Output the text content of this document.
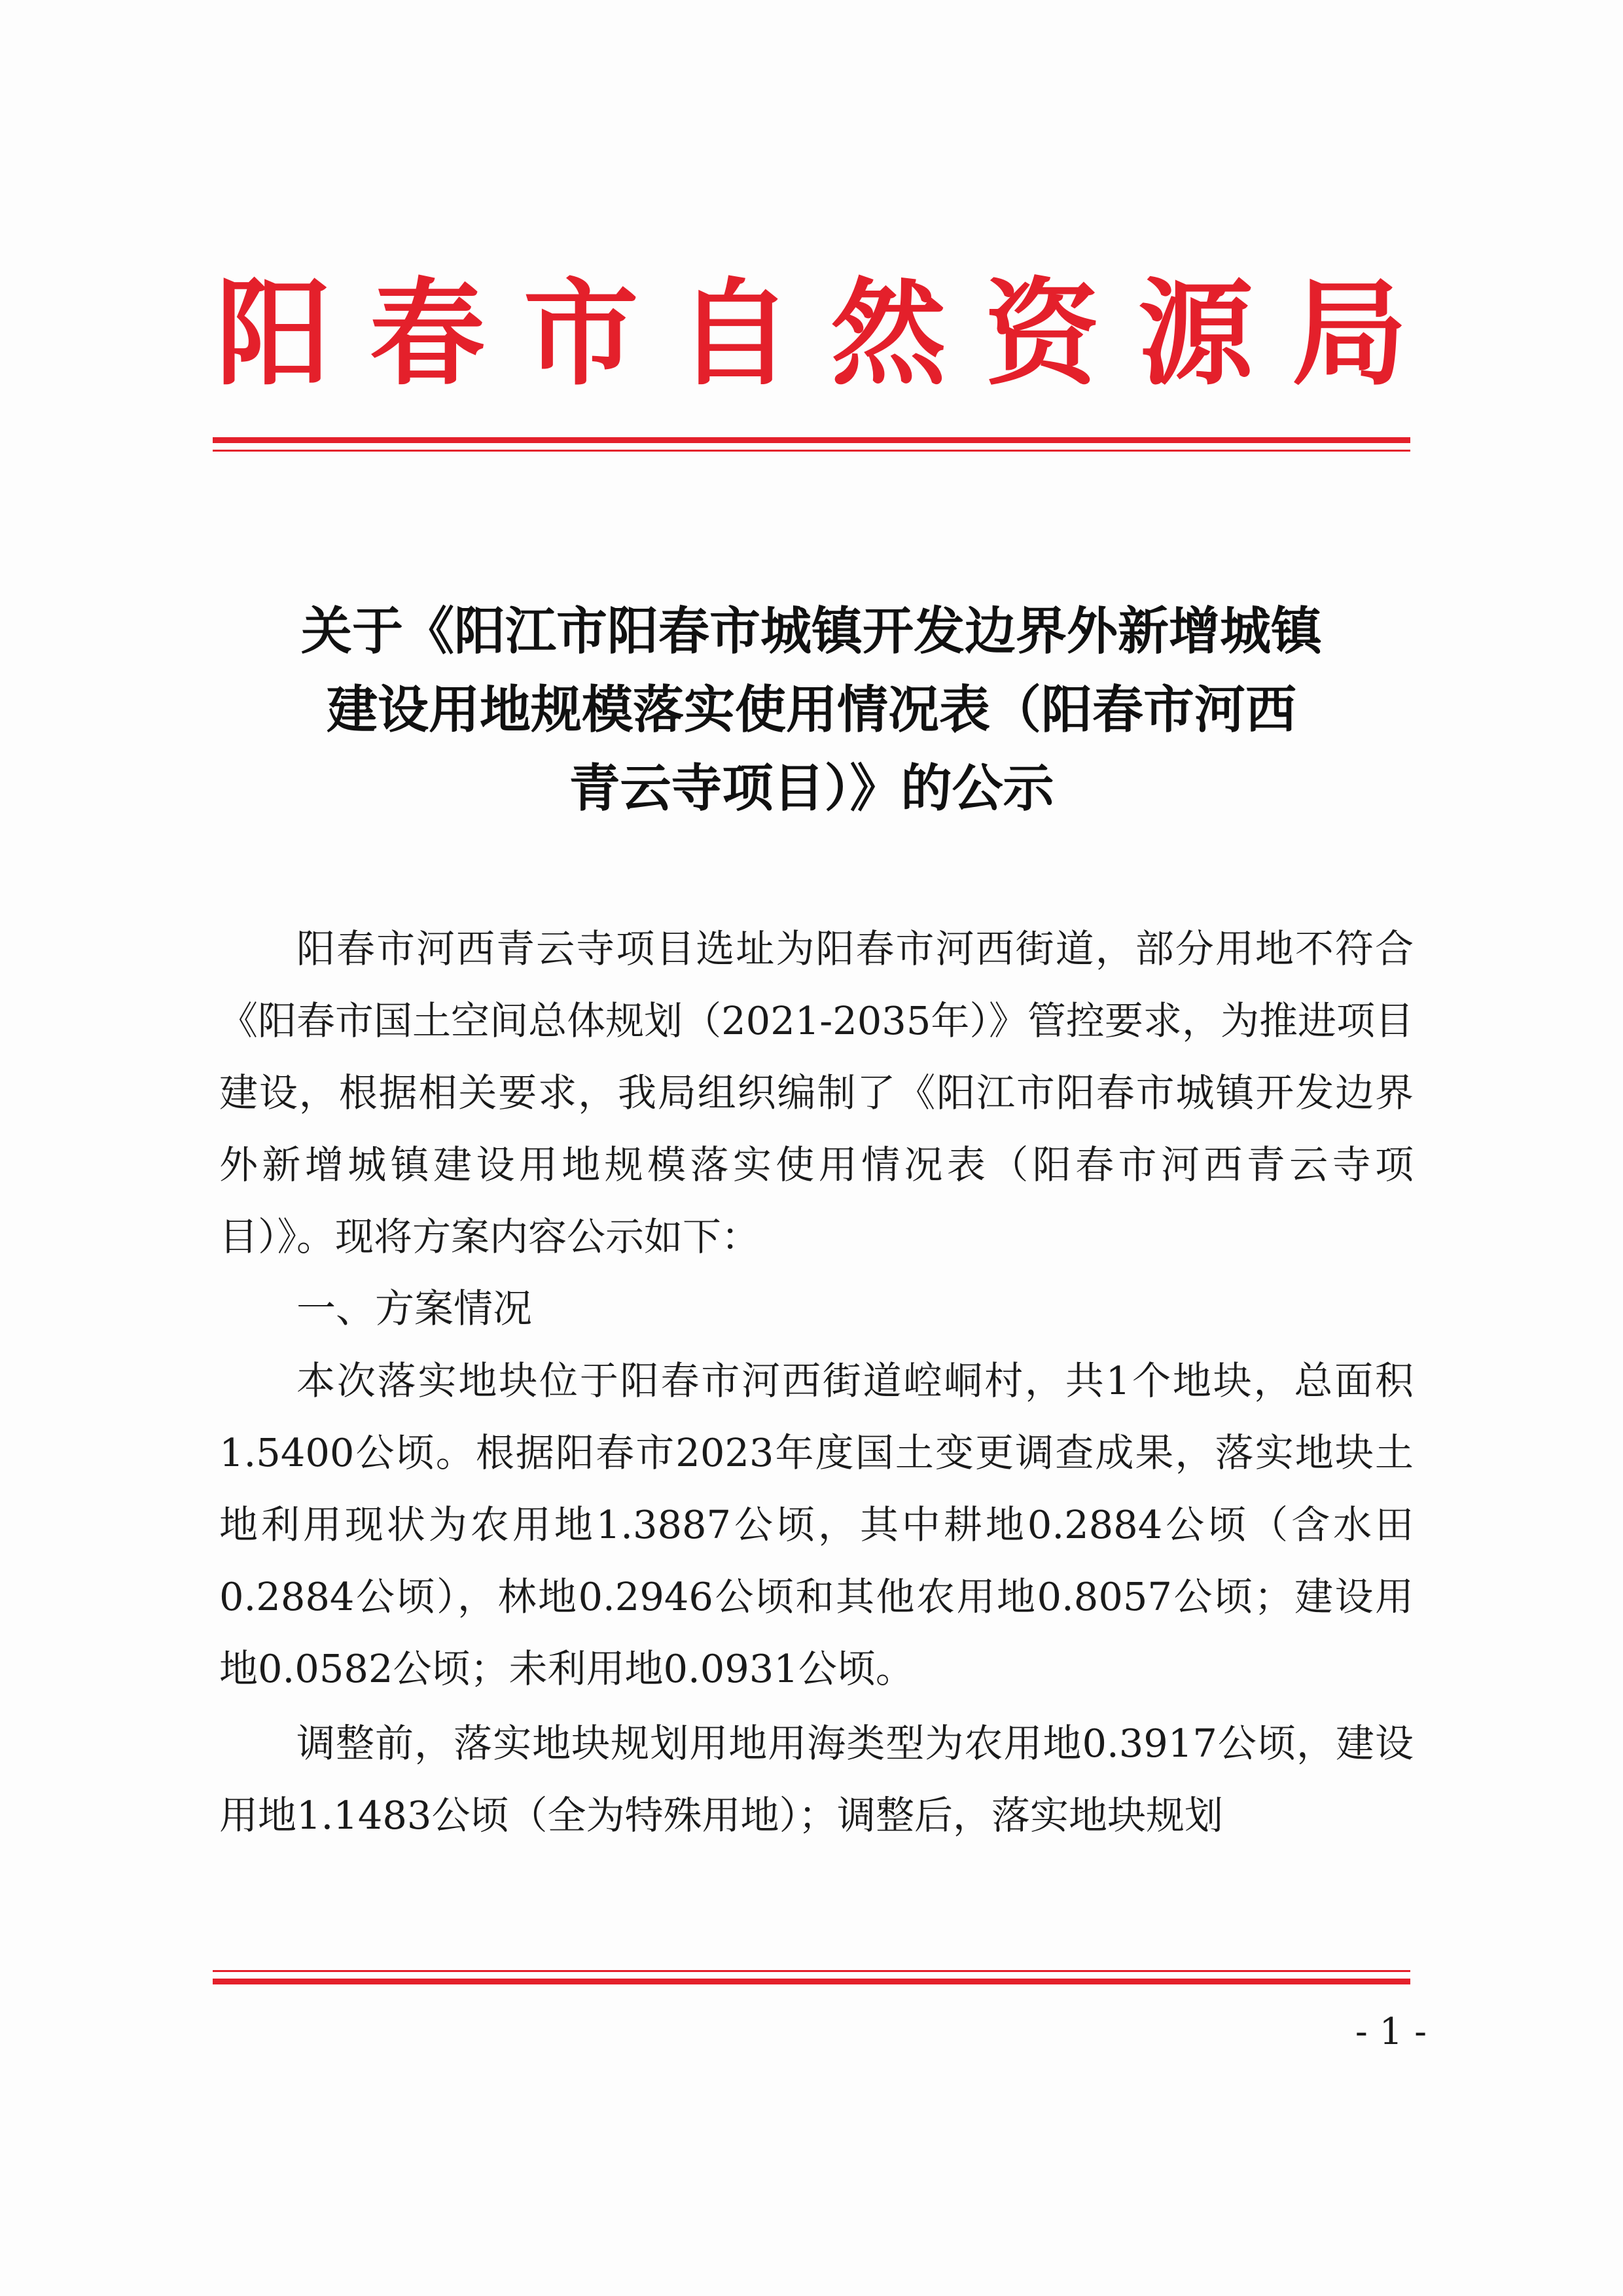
阳 春 市 自 然 资 源 局
关于《阳江市阳春市城镇开发边界外新增城镇
建设用地规模落实使用情况表（阳春市河西
青云寺项目）》的公示

阳春市河西青云寺项目选址为阳春市河西街道，部分用地不符合《阳春市国土空间总体规划（2021-2035年）》管控要求，为推进项目建设，根据相关要求，我局组织编制了《阳江市阳春市城镇开发边界外新增城镇建设用地规模落实使用情况表（阳春市河西青云寺项目）》。现将方案内容公示如下：

一、方案情况

本次落实地块位于阳春市河西街道崆峒村，共1个地块，总面积1.5400公顷。根据阳春市2023年度国土变更调查成果，落实地块土地利用现状为农用地1.3887公顷，其中耕地0.2884公顷（含水田0.2884公顷），林地0.2946公顷和其他农用地0.8057公顷；建设用地0.0582公顷；未利用地0.0931公顷。

调整前，落实地块规划用地用海类型为农用地0.3917公顷，建设用地1.1483公顷（全为特殊用地）；调整后，落实地块规划

- 1 -
